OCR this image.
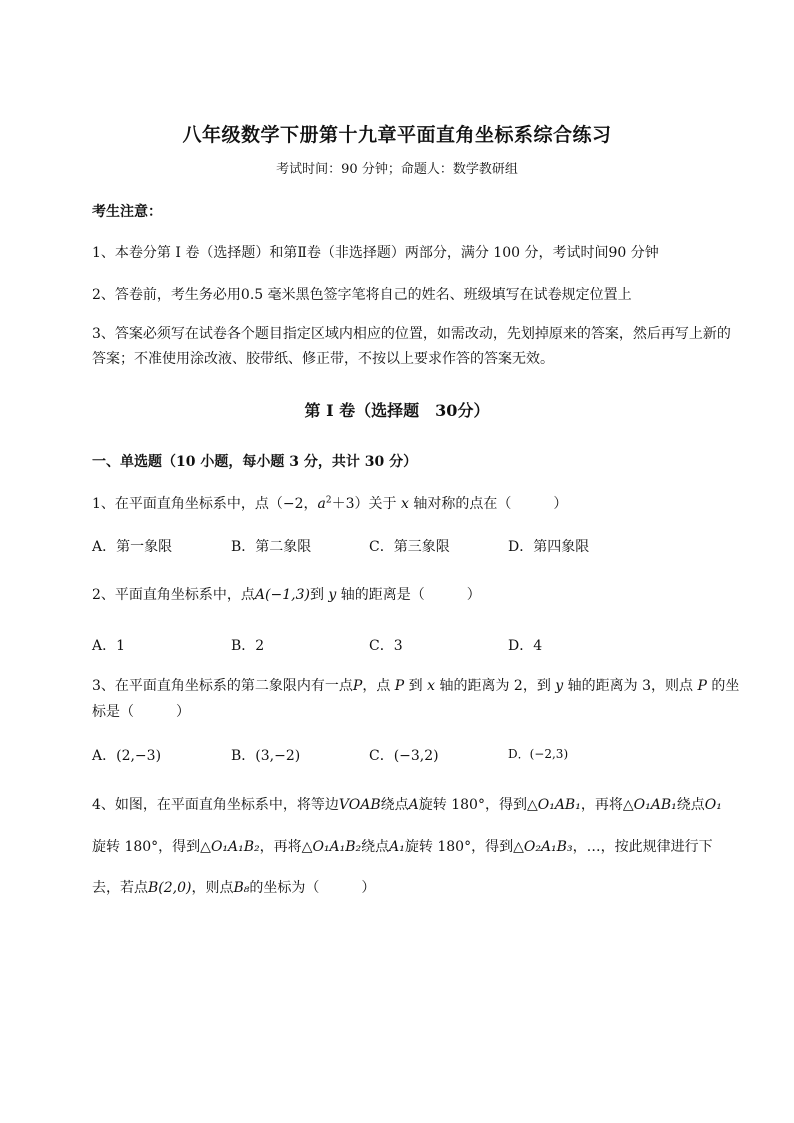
八年级数学下册第十九章平面直角坐标系综合练习
考试时间：90 分钟；命题人：数学教研组
考生注意：
1、本卷分第 I 卷（选择题）和第Ⅱ卷（非选择题）两部分，满分 100 分，考试时间90 分钟
2、答卷前，考生务必用0.5 毫米黑色签字笔将自己的姓名、班级填写在试卷规定位置上
3、答案必须写在试卷各个题目指定区域内相应的位置，如需改动，先划掉原来的答案，然后再写上新的答案；不准使用涂改液、胶带纸、修正带，不按以上要求作答的答案无效。
第 I 卷（选择题　30分）
一、单选题（10 小题，每小题 3 分，共计 30 分）
1、在平面直角坐标系中，点（−2，$a^2+3$）关于 x 轴对称的点在（　　　）
A．第一象限	B．第二象限	C．第三象限	D．第四象限
2、平面直角坐标系中，点A(−1,3)到 y 轴的距离是（　　　）
A．1	B．2	C．3	D．4
3、在平面直角坐标系的第二象限内有一点P，点 P 到 x 轴的距离为 2，到 y 轴的距离为 3，则点 P 的坐标是（　　　）
A．(2,−3)	B．(3,−2)	C．(−3,2)	D．(−2,3)
4、如图，在平面直角坐标系中，将等边VOAB绕点A旋转 180°，得到△O₁AB₁，再将△O₁AB₁绕点O₁
旋转 180°，得到△O₁A₁B₂，再将△O₁A₁B₂绕点A₁旋转 180°，得到△O₂A₁B₃，…，按此规律进行下
去，若点B(2,0)，则点B₈的坐标为（　　　）
